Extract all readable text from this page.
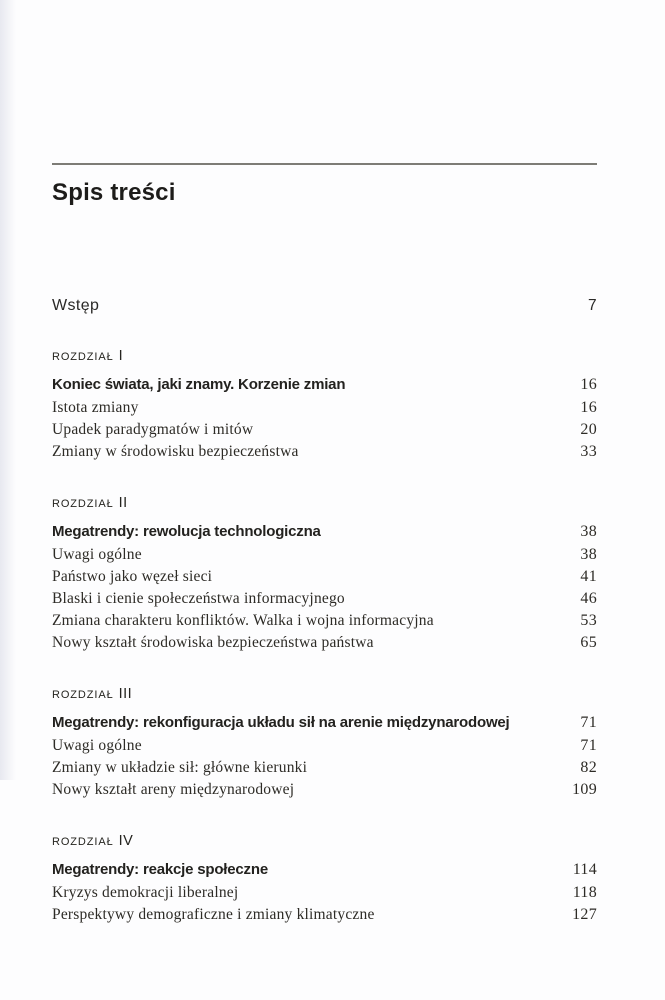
Spis treści
Wstęp	7
ROZDZIAŁ I
Koniec świata, jaki znamy. Korzenie zmian	16
Istota zmiany	16
Upadek paradygmatów i mitów	20
Zmiany w środowisku bezpieczeństwa	33
ROZDZIAŁ II
Megatrendy: rewolucja technologiczna	38
Uwagi ogólne	38
Państwo jako węzeł sieci	41
Blaski i cienie społeczeństwa informacyjnego	46
Zmiana charakteru konfliktów. Walka i wojna informacyjna	53
Nowy kształt środowiska bezpieczeństwa państwa	65
ROZDZIAŁ III
Megatrendy: rekonfiguracja układu sił na arenie międzynarodowej	71
Uwagi ogólne	71
Zmiany w układzie sił: główne kierunki	82
Nowy kształt areny międzynarodowej	109
ROZDZIAŁ IV
Megatrendy: reakcje społeczne	114
Kryzys demokracji liberalnej	118
Perspektywy demograficzne i zmiany klimatyczne	127
